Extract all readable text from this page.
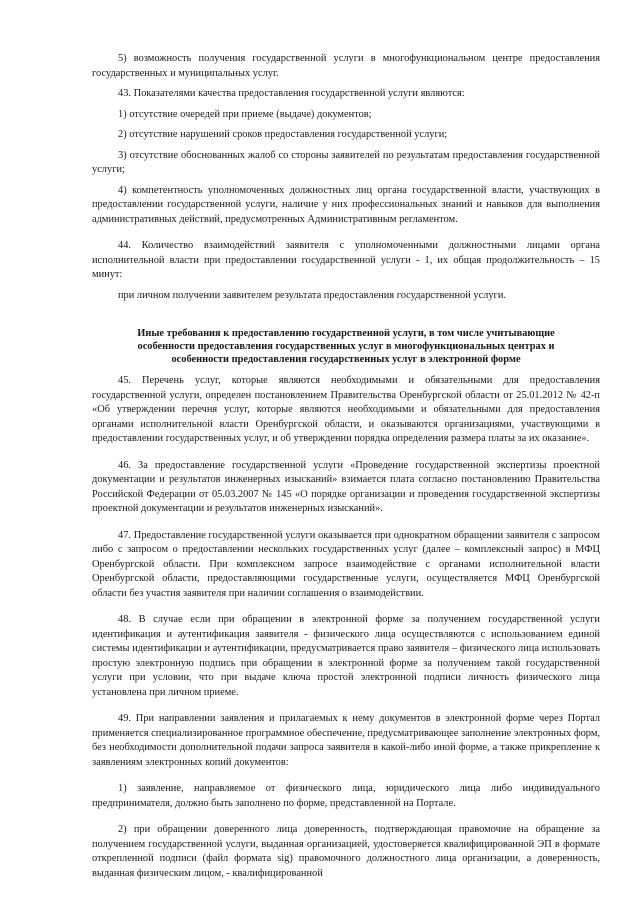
5) возможность получения государственной услуги в многофункциональном центре предоставления государственных и муниципальных услуг.

43. Показателями качества предоставления государственной услуги являются:

1) отсутствие очередей при приеме (выдаче) документов;

2) отсутствие нарушений сроков предоставления государственной услуги;

3) отсутствие обоснованных жалоб со стороны заявителей по результатам предоставления государственной услуги;

4) компетентность уполномоченных должностных лиц органа государственной власти, участвующих в предоставлении государственной услуги, наличие у них профессиональных знаний и навыков для выполнения административных действий, предусмотренных Административным регламентом.

44. Количество взаимодействий заявителя с уполномоченными должностными лицами органа исполнительной власти при предоставлении государственной услуги - 1, их общая продолжительность – 15 минут:

при личном получении заявителем результата предоставления государственной услуги.

Иные требования к предоставлению государственной услуги, в том числе учитывающие
особенности предоставления государственных услуг в многофункциональных центрах и
особенности предоставления государственных услуг в электронной форме

45. Перечень услуг, которые являются необходимыми и обязательными для предоставления государственной услуги, определен постановлением Правительства Оренбургской области от 25.01.2012 № 42-п «Об утверждении перечня услуг, которые являются необходимыми и обязательными для предоставления органами исполнительной власти Оренбургской области, и оказываются организациями, участвующими в предоставлении государственных услуг, и об утверждении порядка определения размера платы за их оказание».

46. За предоставление государственной услуги «Проведение государственной экспертизы проектной документации и результатов инженерных изысканий» взимается плата согласно постановлению Правительства Российской Федерации от 05.03.2007 № 145 «О порядке организации и проведения государственной экспертизы проектной документации и результатов инженерных изысканий».

47. Предоставление государственной услуги оказывается при однократном обращении заявителя с запросом либо с запросом о предоставлении нескольких государственных услуг (далее – комплексный запрос) в МФЦ Оренбургской области. При комплексном запросе взаимодействие с органами исполнительной власти Оренбургской области, предоставляющими государственные услуги, осуществляется МФЦ Оренбургской области без участия заявителя при наличии соглашения о взаимодействии.

48. В случае если при обращении в электронной форме за получением государственной услуги идентификация и аутентификация заявителя - физического лица осуществляются с использованием единой системы идентификации и аутентификации, предусматривается право заявителя – физического лица использовать простую электронную подпись при обращении в электронной форме за получением такой государственной услуги при условии, что при выдаче ключа простой электронной подписи личность физического лица установлена при личном приеме.

49. При направлении заявления и прилагаемых к нему документов в электронной форме через Портал применяется специализированное программное обеспечение, предусматривающее заполнение электронных форм, без необходимости дополнительной подачи запроса заявителя в какой-либо иной форме, а также прикрепление к заявлениям электронных копий документов:

1) заявление, направляемое от физического лица, юридического лица либо индивидуального предпринимателя, должно быть заполнено по форме, представленной на Портале.

2) при обращении доверенного лица доверенность, подтверждающая правомочие на обращение за получением государственной услуги, выданная организацией, удостоверяется квалифицированной ЭП в формате открепленной подписи (файл формата sig) правомочного должностного лица организации, а доверенность, выданная физическим лицом, - квалифицированной
